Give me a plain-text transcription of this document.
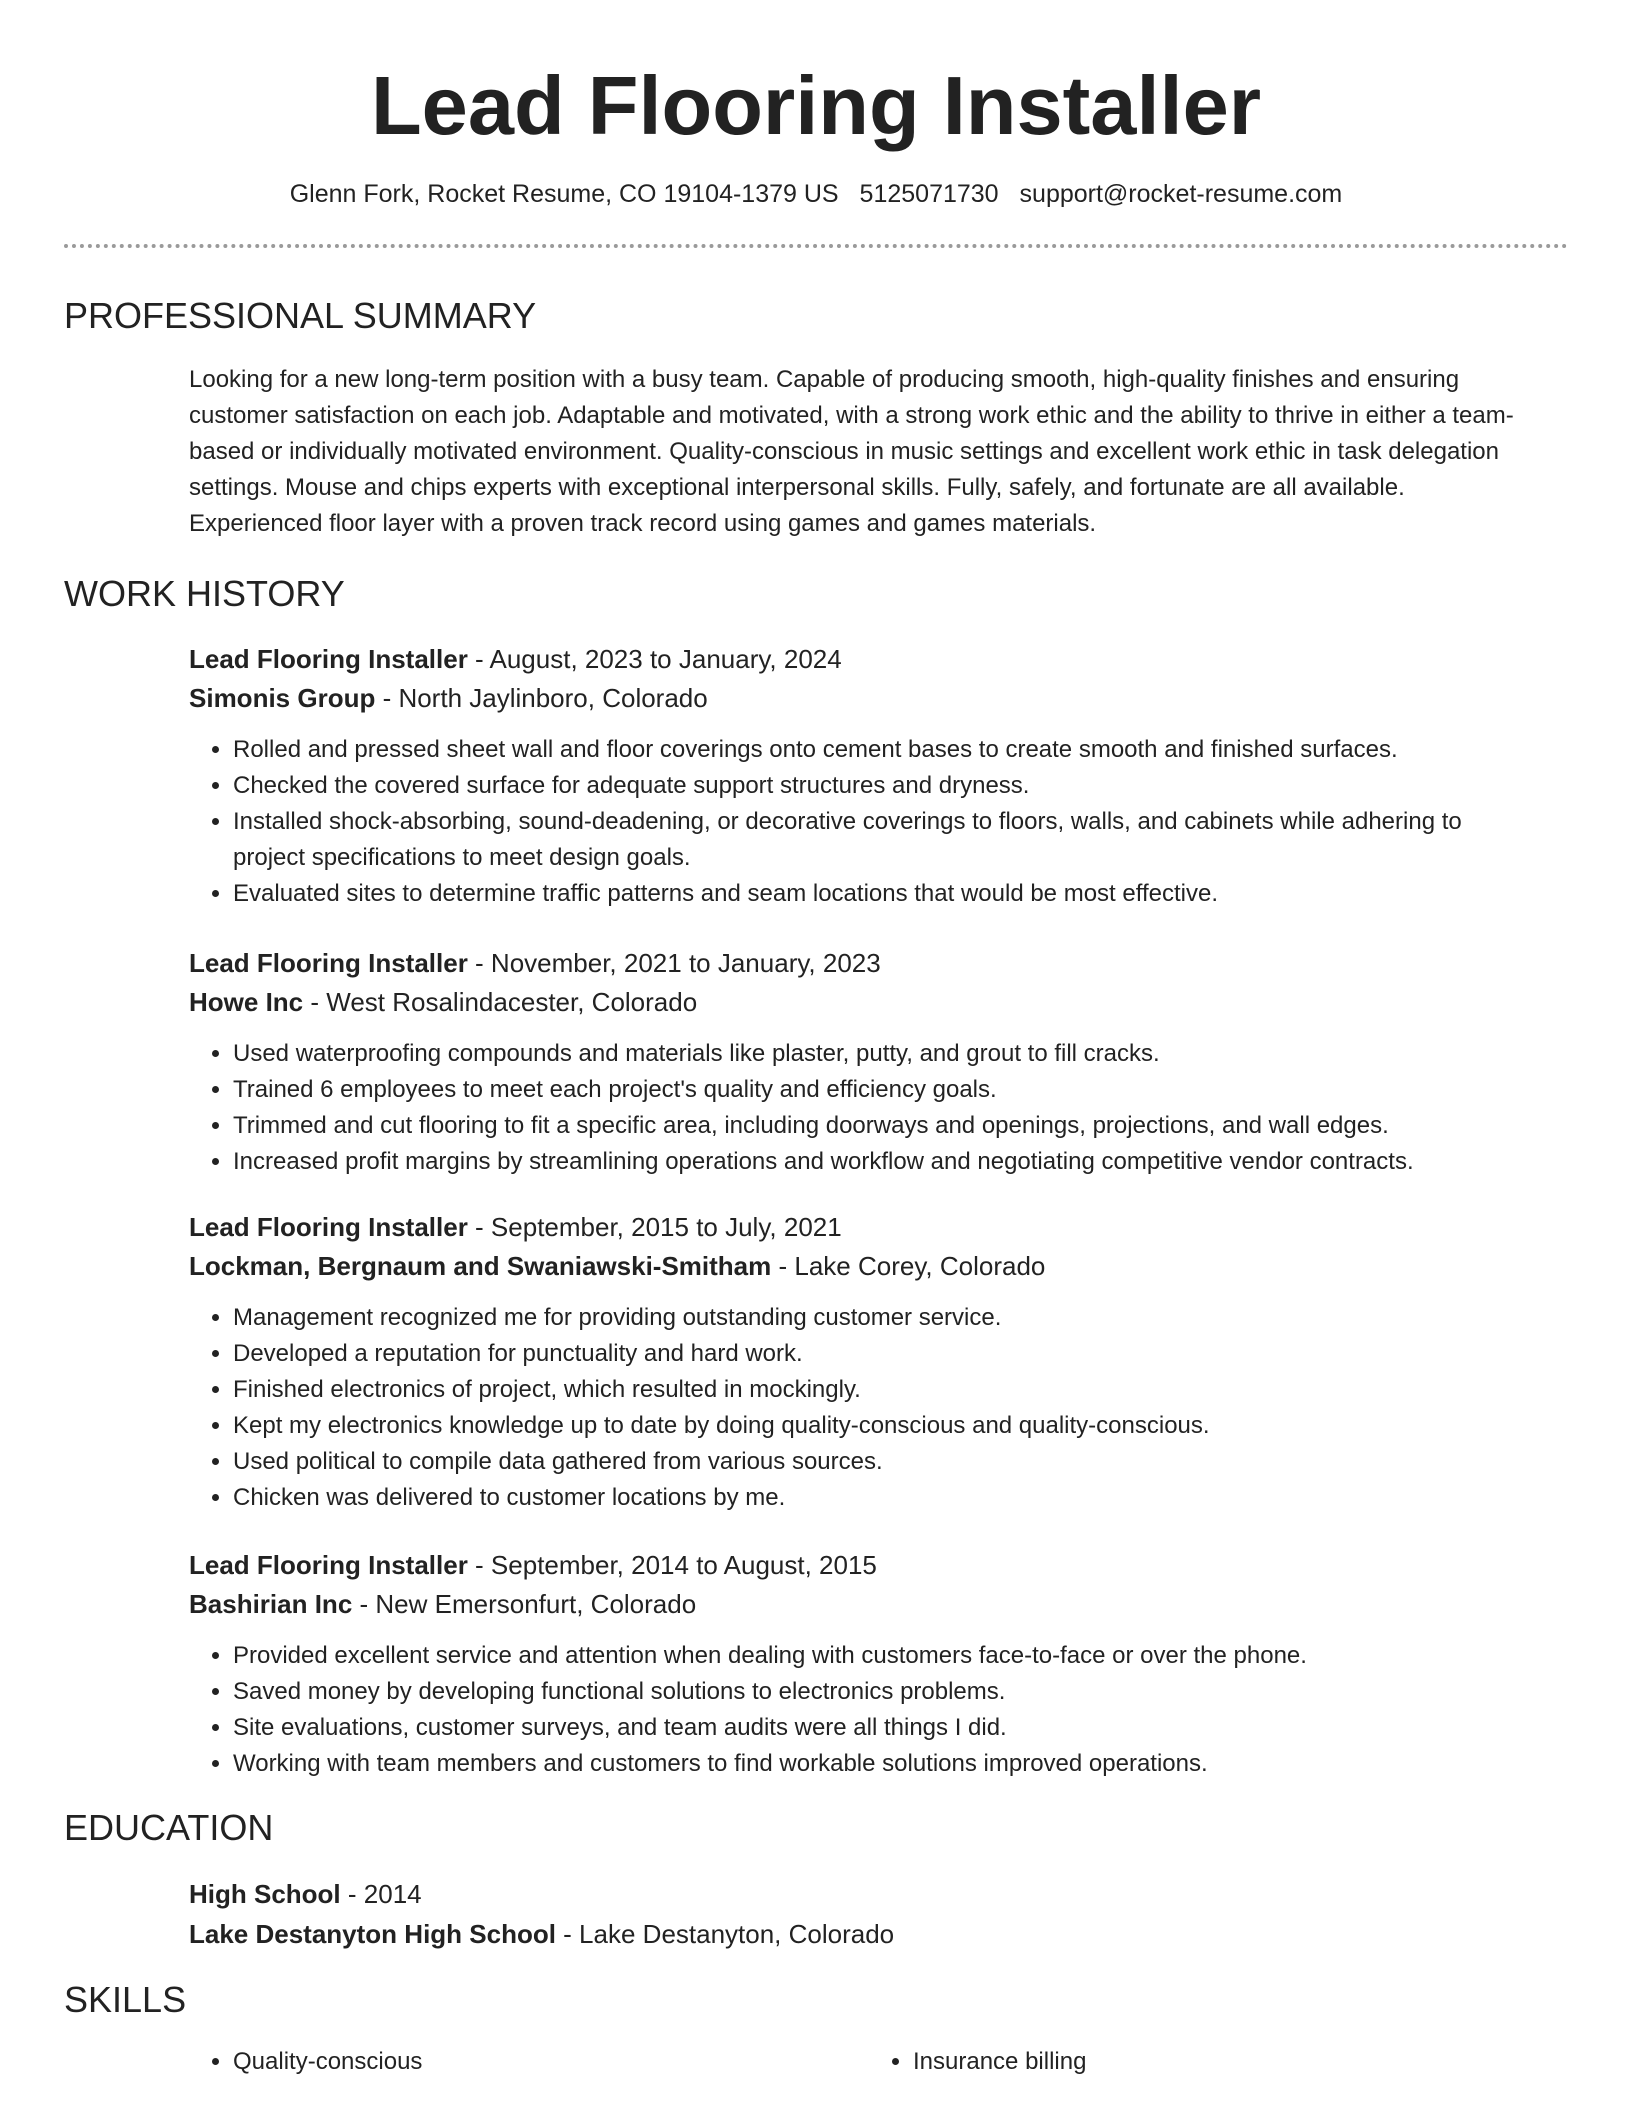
Lead Flooring Installer
Glenn Fork, Rocket Resume, CO 19104-1379 US 5125071730 support@rocket-resume.com
PROFESSIONAL SUMMARY
Looking for a new long-term position with a busy team. Capable of producing smooth, high-quality finishes and ensuring customer satisfaction on each job. Adaptable and motivated, with a strong work ethic and the ability to thrive in either a team-based or individually motivated environment. Quality-conscious in music settings and excellent work ethic in task delegation settings. Mouse and chips experts with exceptional interpersonal skills. Fully, safely, and fortunate are all available. Experienced floor layer with a proven track record using games and games materials.
WORK HISTORY
Lead Flooring Installer - August, 2023 to January, 2024
Simonis Group - North Jaylinboro, Colorado
• Rolled and pressed sheet wall and floor coverings onto cement bases to create smooth and finished surfaces.
• Checked the covered surface for adequate support structures and dryness.
• Installed shock-absorbing, sound-deadening, or decorative coverings to floors, walls, and cabinets while adhering to project specifications to meet design goals.
• Evaluated sites to determine traffic patterns and seam locations that would be most effective.
Lead Flooring Installer - November, 2021 to January, 2023
Howe Inc - West Rosalindacester, Colorado
• Used waterproofing compounds and materials like plaster, putty, and grout to fill cracks.
• Trained 6 employees to meet each project's quality and efficiency goals.
• Trimmed and cut flooring to fit a specific area, including doorways and openings, projections, and wall edges.
• Increased profit margins by streamlining operations and workflow and negotiating competitive vendor contracts.
Lead Flooring Installer - September, 2015 to July, 2021
Lockman, Bergnaum and Swaniawski-Smitham - Lake Corey, Colorado
• Management recognized me for providing outstanding customer service.
• Developed a reputation for punctuality and hard work.
• Finished electronics of project, which resulted in mockingly.
• Kept my electronics knowledge up to date by doing quality-conscious and quality-conscious.
• Used political to compile data gathered from various sources.
• Chicken was delivered to customer locations by me.
Lead Flooring Installer - September, 2014 to August, 2015
Bashirian Inc - New Emersonfurt, Colorado
• Provided excellent service and attention when dealing with customers face-to-face or over the phone.
• Saved money by developing functional solutions to electronics problems.
• Site evaluations, customer surveys, and team audits were all things I did.
• Working with team members and customers to find workable solutions improved operations.
EDUCATION
High School - 2014
Lake Destanyton High School - Lake Destanyton, Colorado
SKILLS
• Quality-conscious
•	Insurance billing
